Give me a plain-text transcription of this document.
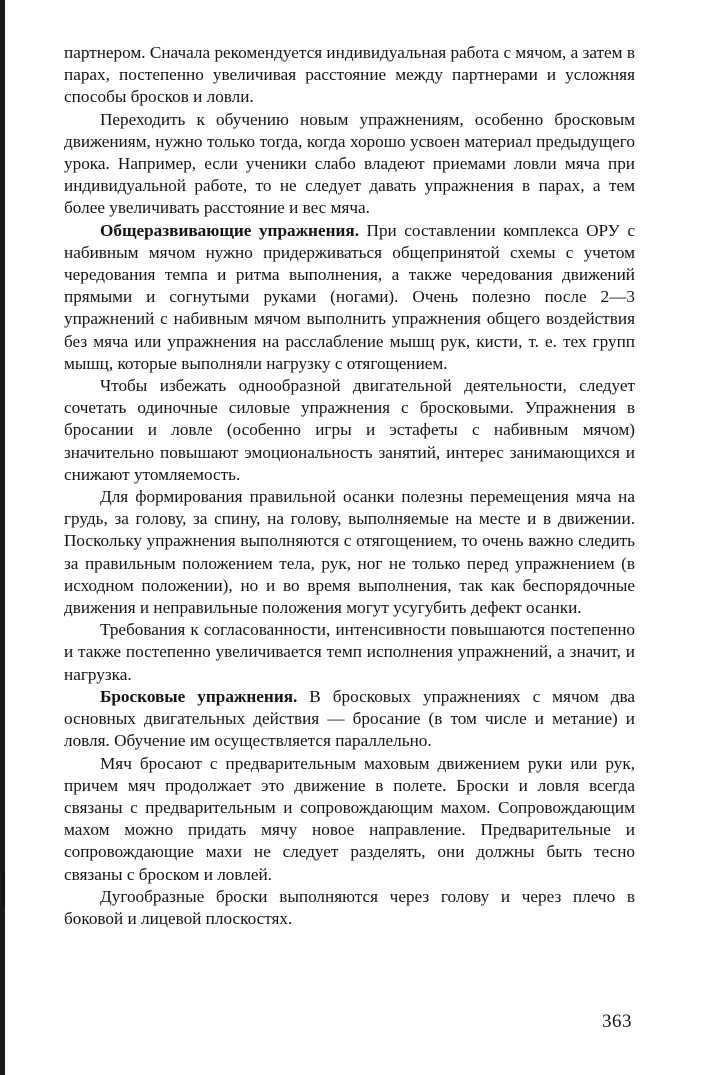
партнером. Сначала рекомендуется индивидуальная работа с мячом, а затем в парах, постепенно увеличивая расстояние между партнерами и усложняя способы бросков и ловли.

Переходить к обучению новым упражнениям, особенно бросковым движениям, нужно только тогда, когда хорошо усвоен материал предыдущего урока. Например, если ученики слабо владеют приемами ловли мяча при индивидуальной работе, то не следует давать упражнения в парах, а тем более увеличивать расстояние и вес мяча.

Общеразвивающие упражнения. При составлении комплекса ОРУ с набивным мячом нужно придерживаться общепринятой схемы с учетом чередования темпа и ритма выполнения, а также чередования движений прямыми и согнутыми руками (ногами). Очень полезно после 2—3 упражнений с набивным мячом выполнить упражнения общего воздействия без мяча или упражнения на расслабление мышц рук, кисти, т. е. тех групп мышц, которые выполняли нагрузку с отягощением.

Чтобы избежать однообразной двигательной деятельности, следует сочетать одиночные силовые упражнения с бросковыми. Упражнения в бросании и ловле (особенно игры и эстафеты с набивным мячом) значительно повышают эмоциональность занятий, интерес занимающихся и снижают утомляемость.

Для формирования правильной осанки полезны перемещения мяча на грудь, за голову, за спину, на голову, выполняемые на месте и в движении. Поскольку упражнения выполняются с отягощением, то очень важно следить за правильным положением тела, рук, ног не только перед упражнением (в исходном положении), но и во время выполнения, так как беспорядочные движения и неправильные положения могут усугубить дефект осанки.

Требования к согласованности, интенсивности повышаются постепенно и также постепенно увеличивается темп исполнения упражнений, а значит, и нагрузка.

Бросковые упражнения. В бросковых упражнениях с мячом два основных двигательных действия — бросание (в том числе и метание) и ловля. Обучение им осуществляется параллельно.

Мяч бросают с предварительным маховым движением руки или рук, причем мяч продолжает это движение в полете. Броски и ловля всегда связаны с предварительным и сопровождающим махом. Сопровождающим махом можно придать мячу новое направление. Предварительные и сопровождающие махи не следует разделять, они должны быть тесно связаны с броском и ловлей.

Дугообразные броски выполняются через голову и через плечо в боковой и лицевой плоскостях.

363
